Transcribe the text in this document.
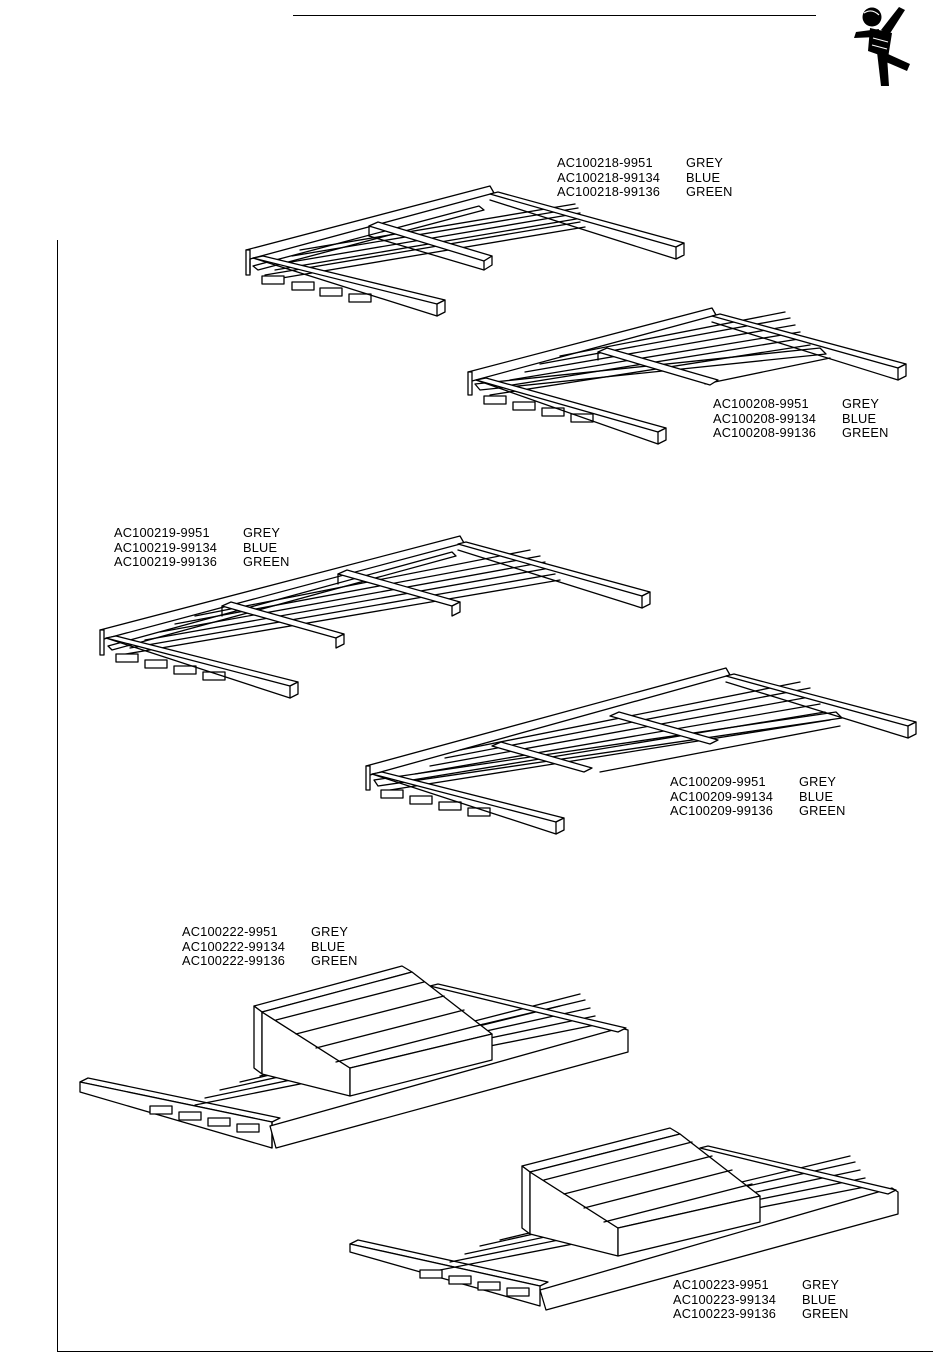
AC100218-9951	GREY
AC100218-99134	BLUE
AC100218-99136	GREEN
AC100208-9951	GREY
AC100208-99134	BLUE
AC100208-99136	GREEN
AC100219-9951	GREY
AC100219-99134	BLUE
AC100219-99136	GREEN
AC100209-9951	GREY
AC100209-99134	BLUE
AC100209-99136	GREEN
AC100222-9951	GREY
AC100222-99134	BLUE
AC100222-99136	GREEN
AC100223-9951	GREY
AC100223-99134	BLUE
AC100223-99136	GREEN
